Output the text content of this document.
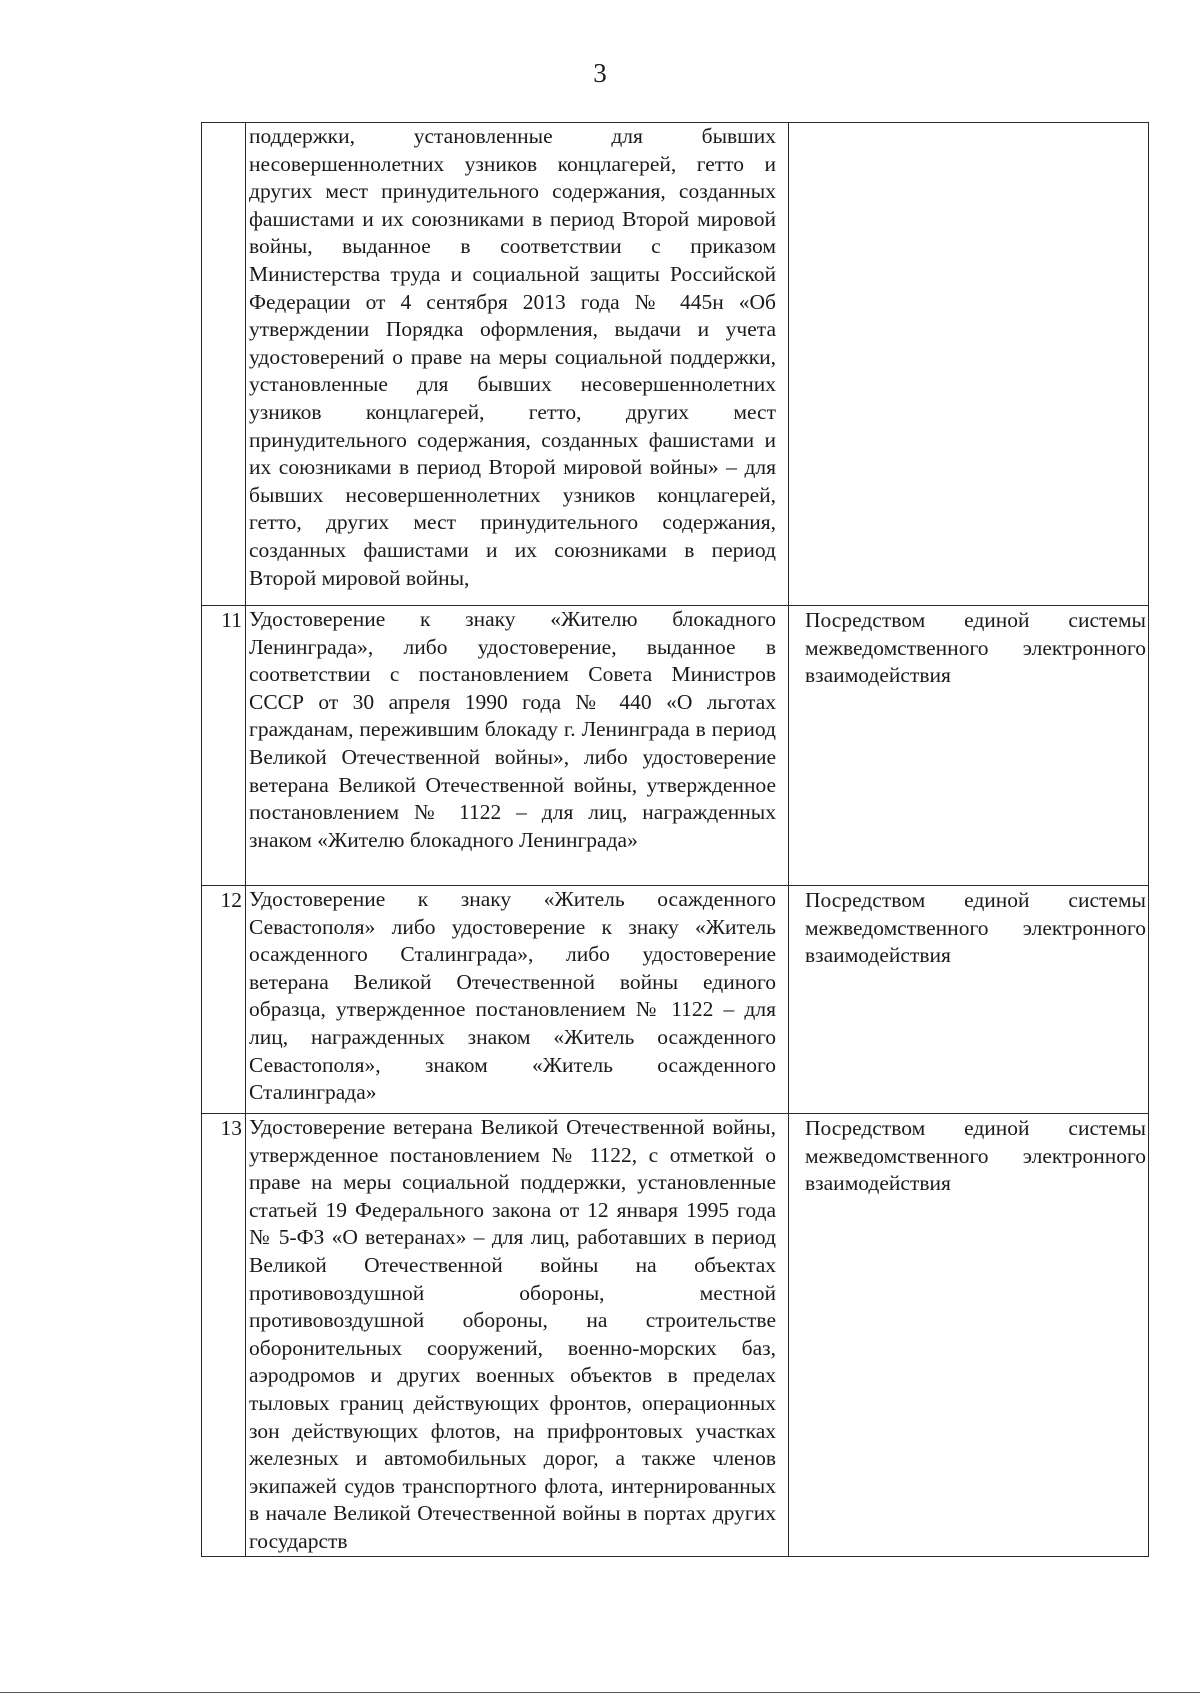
3
	поддержки, установленные для бывших несовершеннолетних узников концлагерей, гетто и других мест принудительного содержания, созданных фашистами и их союзниками в период Второй мировой войны, выданное в соответствии с приказом Министерства труда и социальной защиты Российской Федерации от 4 сентября 2013 года № 445н «Об утверждении Порядка оформления, выдачи и учета удостоверений о праве на меры социальной поддержки, установленные для бывших несовершеннолетних узников концлагерей, гетто, других мест принудительного содержания, созданных фашистами и их союзниками в период Второй мировой войны» – для бывших несовершеннолетних узников концлагерей, гетто, других мест принудительного содержания, созданных фашистами и их союзниками в период Второй мировой войны,	
11	Удостоверение к знаку «Жителю блокадного Ленинграда», либо удостоверение, выданное в соответствии с постановлением Совета Министров СССР от 30 апреля 1990 года № 440 «О льготах гражданам, пережившим блокаду г. Ленинграда в период Великой Отечественной войны», либо удостоверение ветерана Великой Отечественной войны, утвержденное постановлением № 1122 – для лиц, награжденных знаком «Жителю блокадного Ленинграда»	Посредством единой системы межведомственного электронного взаимодействия
12	Удостоверение к знаку «Житель осажденного Севастополя» либо удостоверение к знаку «Житель осажденного Сталинграда», либо удостоверение ветерана Великой Отечественной войны единого образца, утвержденное постановлением № 1122 – для лиц, награжденных знаком «Житель осажденного Севастополя», знаком «Житель осажденного Сталинграда»	Посредством единой системы межведомственного электронного взаимодействия
13	Удостоверение ветерана Великой Отечественной войны, утвержденное постановлением № 1122, с отметкой о праве на меры социальной поддержки, установленные статьей 19 Федерального закона от 12 января 1995 года № 5-ФЗ «О ветеранах» – для лиц, работавших в период Великой Отечественной войны на объектах противовоздушной обороны, местной противовоздушной обороны, на строительстве оборонительных сооружений, военно-морских баз, аэродромов и других военных объектов в пределах тыловых границ действующих фронтов, операционных зон действующих флотов, на прифронтовых участках железных и автомобильных дорог, а также членов экипажей судов транспортного флота, интернированных в начале Великой Отечественной войны в портах других государств	Посредством единой системы межведомственного электронного взаимодействия
